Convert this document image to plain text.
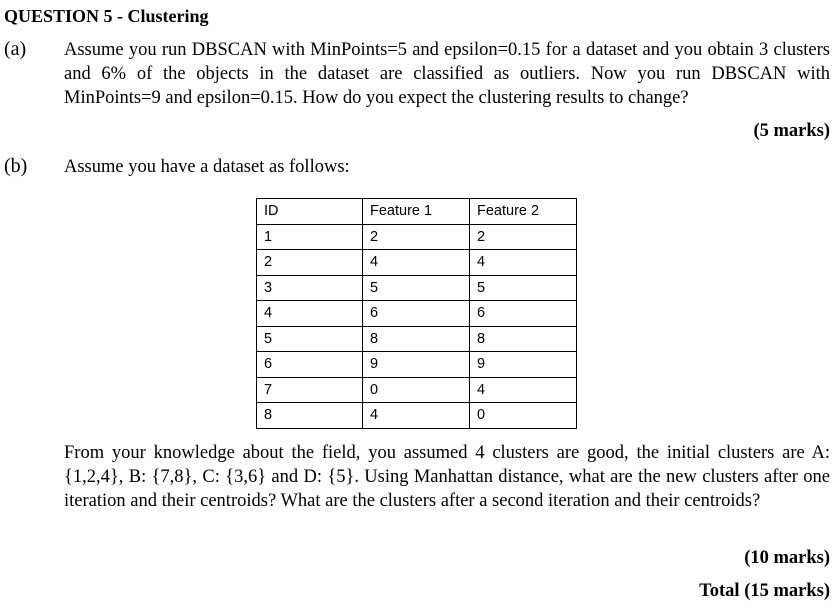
QUESTION 5 - Clustering
(a) Assume you run DBSCAN with MinPoints=5 and epsilon=0.15 for a dataset and you obtain 3 clusters and 6% of the objects in the dataset are classified as outliers. Now you run DBSCAN with MinPoints=9 and epsilon=0.15. How do you expect the clustering results to change?
(5 marks)
(b) Assume you have a dataset as follows:
ID	Feature 1	Feature 2
1	2	2
2	4	4
3	5	5
4	6	6
5	8	8
6	9	9
7	0	4
8	4	0
From your knowledge about the field, you assumed 4 clusters are good, the initial clusters are A: {1,2,4}, B: {7,8}, C: {3,6} and D: {5}. Using Manhattan distance, what are the new clusters after one iteration and their centroids? What are the clusters after a second iteration and their centroids?
(10 marks)
Total (15 marks)
